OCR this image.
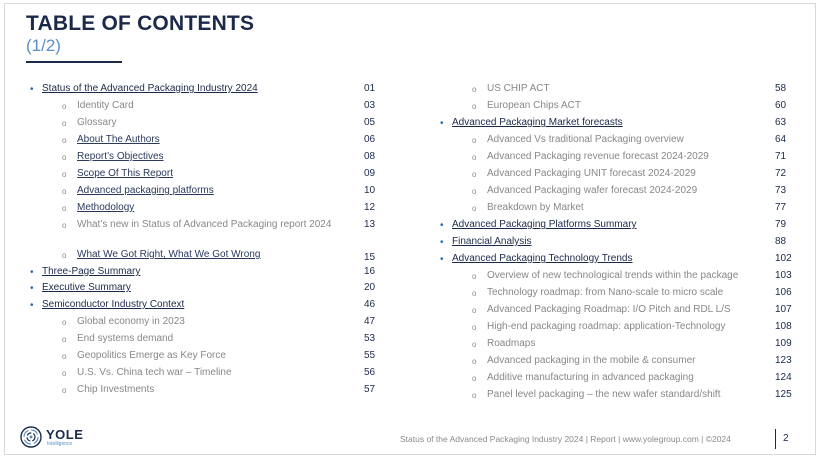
TABLE OF CONTENTS
(1/2)
• Status of the Advanced Packaging Industry 2024	01
o	Identity Card	03
o	Glossary	05
o	About The Authors	06
o	Report’s Objectives	08
o	Scope Of This Report	09
o	Advanced packaging platforms	10
o	Methodology	12
o	What’s new in Status of Advanced Packaging report 2024	13
o	What We Got Right, What We Got Wrong	15
• Three-Page Summary	16
• Executive Summary	20
• Semiconductor Industry Context	46
o	Global economy in 2023	47
o	End systems demand	53
o	Geopolitics Emerge as Key Force	55
o	U.S. Vs. China tech war – Timeline	56
o	Chip Investments	57
o	US CHIP ACT	58
o	European Chips ACT	60
• Advanced Packaging Market forecasts	63
o	Advanced Vs traditional Packaging overview	64
o	Advanced Packaging revenue forecast 2024-2029	71
o	Advanced Packaging UNIT forecast 2024-2029	72
o	Advanced Packaging wafer forecast 2024-2029	73
o	Breakdown by Market	77
• Advanced Packaging Platforms Summary	79
• Financial Analysis	88
• Advanced Packaging Technology Trends	102
o	Overview of new technological trends within the package	103
o	Technology roadmap: from Nano-scale to micro scale	106
o	Advanced Packaging Roadmap: I/O Pitch and RDL L/S	107
o	High-end packaging roadmap: application-Technology	108
o	Roadmaps	109
o	Advanced packaging in the mobile & consumer	123
o	Additive manufacturing in advanced packaging	124
o	Panel level packaging – the new wafer standard/shift	125
YOLE
Intelligence	Status of the Advanced Packaging Industry 2024 | Report | www.yolegroup.com | ©2024	2
